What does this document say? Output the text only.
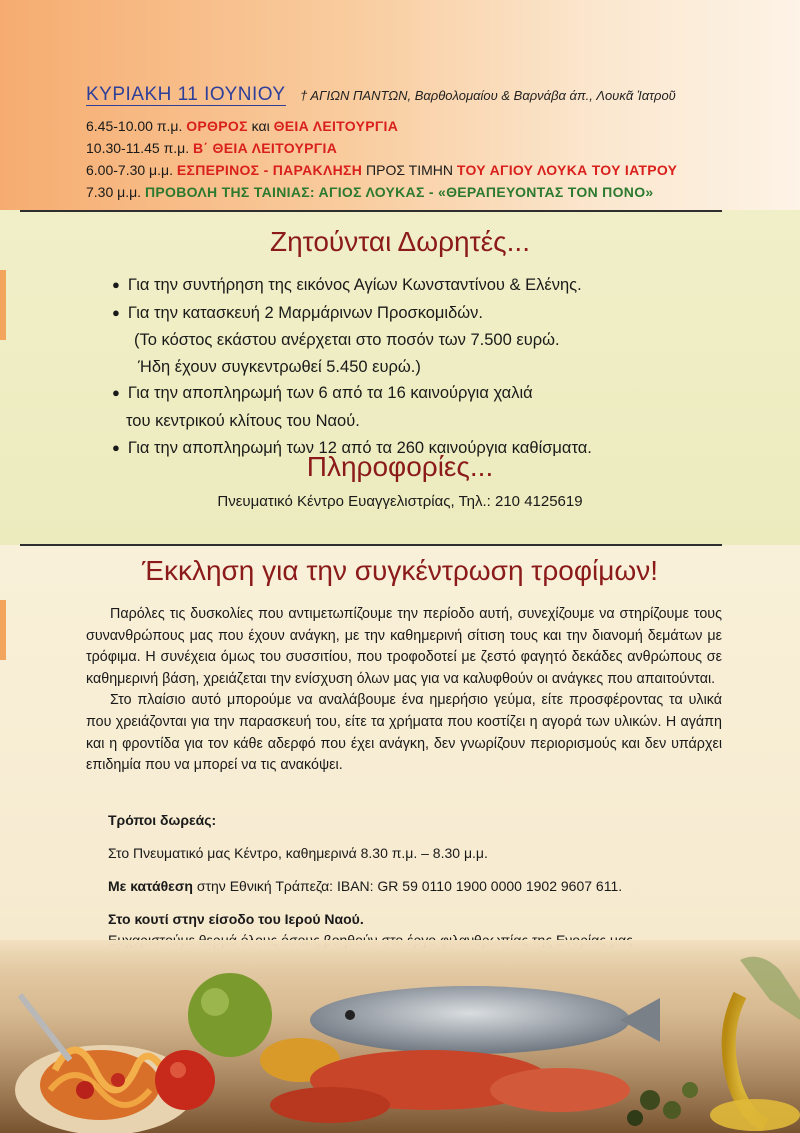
ΚΥΡΙΑΚΗ 11 ΙΟΥΝΙΟΥ † ΑΓΙΩΝ ΠΑΝΤΩΝ, Βαρθολομαίου & Βαρνάβα άπ., Λουκᾶ Ἰατροῦ
6.45-10.00 π.μ. ΟΡΘΡΟΣ και ΘΕΙΑ ΛΕΙΤΟΥΡΓΙΑ
10.30-11.45 π.μ. Β΄ ΘΕΙΑ ΛΕΙΤΟΥΡΓΙΑ
6.00-7.30 μ.μ. ΕΣΠΕΡΙΝΟΣ - ΠΑΡΑΚΛΗΣΗ ΠΡΟΣ ΤΙΜΗΝ ΤΟΥ ΑΓΙΟΥ ΛΟΥΚΑ ΤΟΥ ΙΑΤΡΟΥ
7.30 μ.μ. ΠΡΟΒΟΛΗ ΤΗΣ ΤΑΙΝΙΑΣ: ΑΓΙΟΣ ΛΟΥΚΑΣ - «ΘΕΡΑΠΕΥΟΝΤΑΣ ΤΟΝ ΠΟΝΟ»
Ζητούνται Δωρητές...
● Για την συντήρηση της εικόνος Αγίων Κωνσταντίνου & Ελένης.
● Για την κατασκευή 2 Μαρμάρινων Προσκομιδών.
(Το κόστος εκάστου ανέρχεται στο ποσόν των 7.500 ευρώ.
Ήδη έχουν συγκεντρωθεί 5.450 ευρώ.)
● Για την αποπληρωμή των 6 από τα 16 καινούργια χαλιά
του κεντρικού κλίτους του Ναού.
● Για την αποπληρωμή των 12 από τα 260 καινούργια καθίσματα.
Πληροφορίες...
Πνευματικό Κέντρο Ευαγγελιστρίας, Τηλ.: 210 4125619
Έκκληση για την συγκέντρωση τροφίμων!

Παρόλες τις δυσκολίες που αντιμετωπίζουμε την περίοδο αυτή, συνεχίζουμε να στηρίζουμε τους συνανθρώπους μας που έχουν ανάγκη, με την καθημερινή σίτιση τους και την διανομή δεμάτων με τρόφιμα. Η συνέχεια όμως του συσσιτίου, που τροφοδοτεί με ζεστό φαγητό δεκάδες ανθρώπους σε καθημερινή βάση, χρειάζεται την ενίσχυση όλων μας για να καλυφθούν οι ανάγκες που απαιτούνται.

Στο πλαίσιο αυτό μπορούμε να αναλάβουμε ένα ημερήσιο γεύμα, είτε προσφέροντας τα υλικά που χρειάζονται για την παρασκευή του, είτε τα χρήματα που κοστίζει η αγορά των υλικών. Η αγάπη και η φροντίδα για τον κάθε αδερφό που έχει ανάγκη, δεν γνωρίζουν περιορισμούς και δεν υπάρχει επιδημία που να μπορεί να τις ανακόψει.

Τρόποι δωρεάς:
Στο Πνευματικό μας Κέντρο, καθημερινά 8.30 π.μ. – 8.30 μ.μ.
Με κατάθεση στην Εθνική Τράπεζα: IBAN: GR 59 0110 1900 0000 1902 9607 611.
Στο κουτί στην είσοδο του Ιερού Ναού.
